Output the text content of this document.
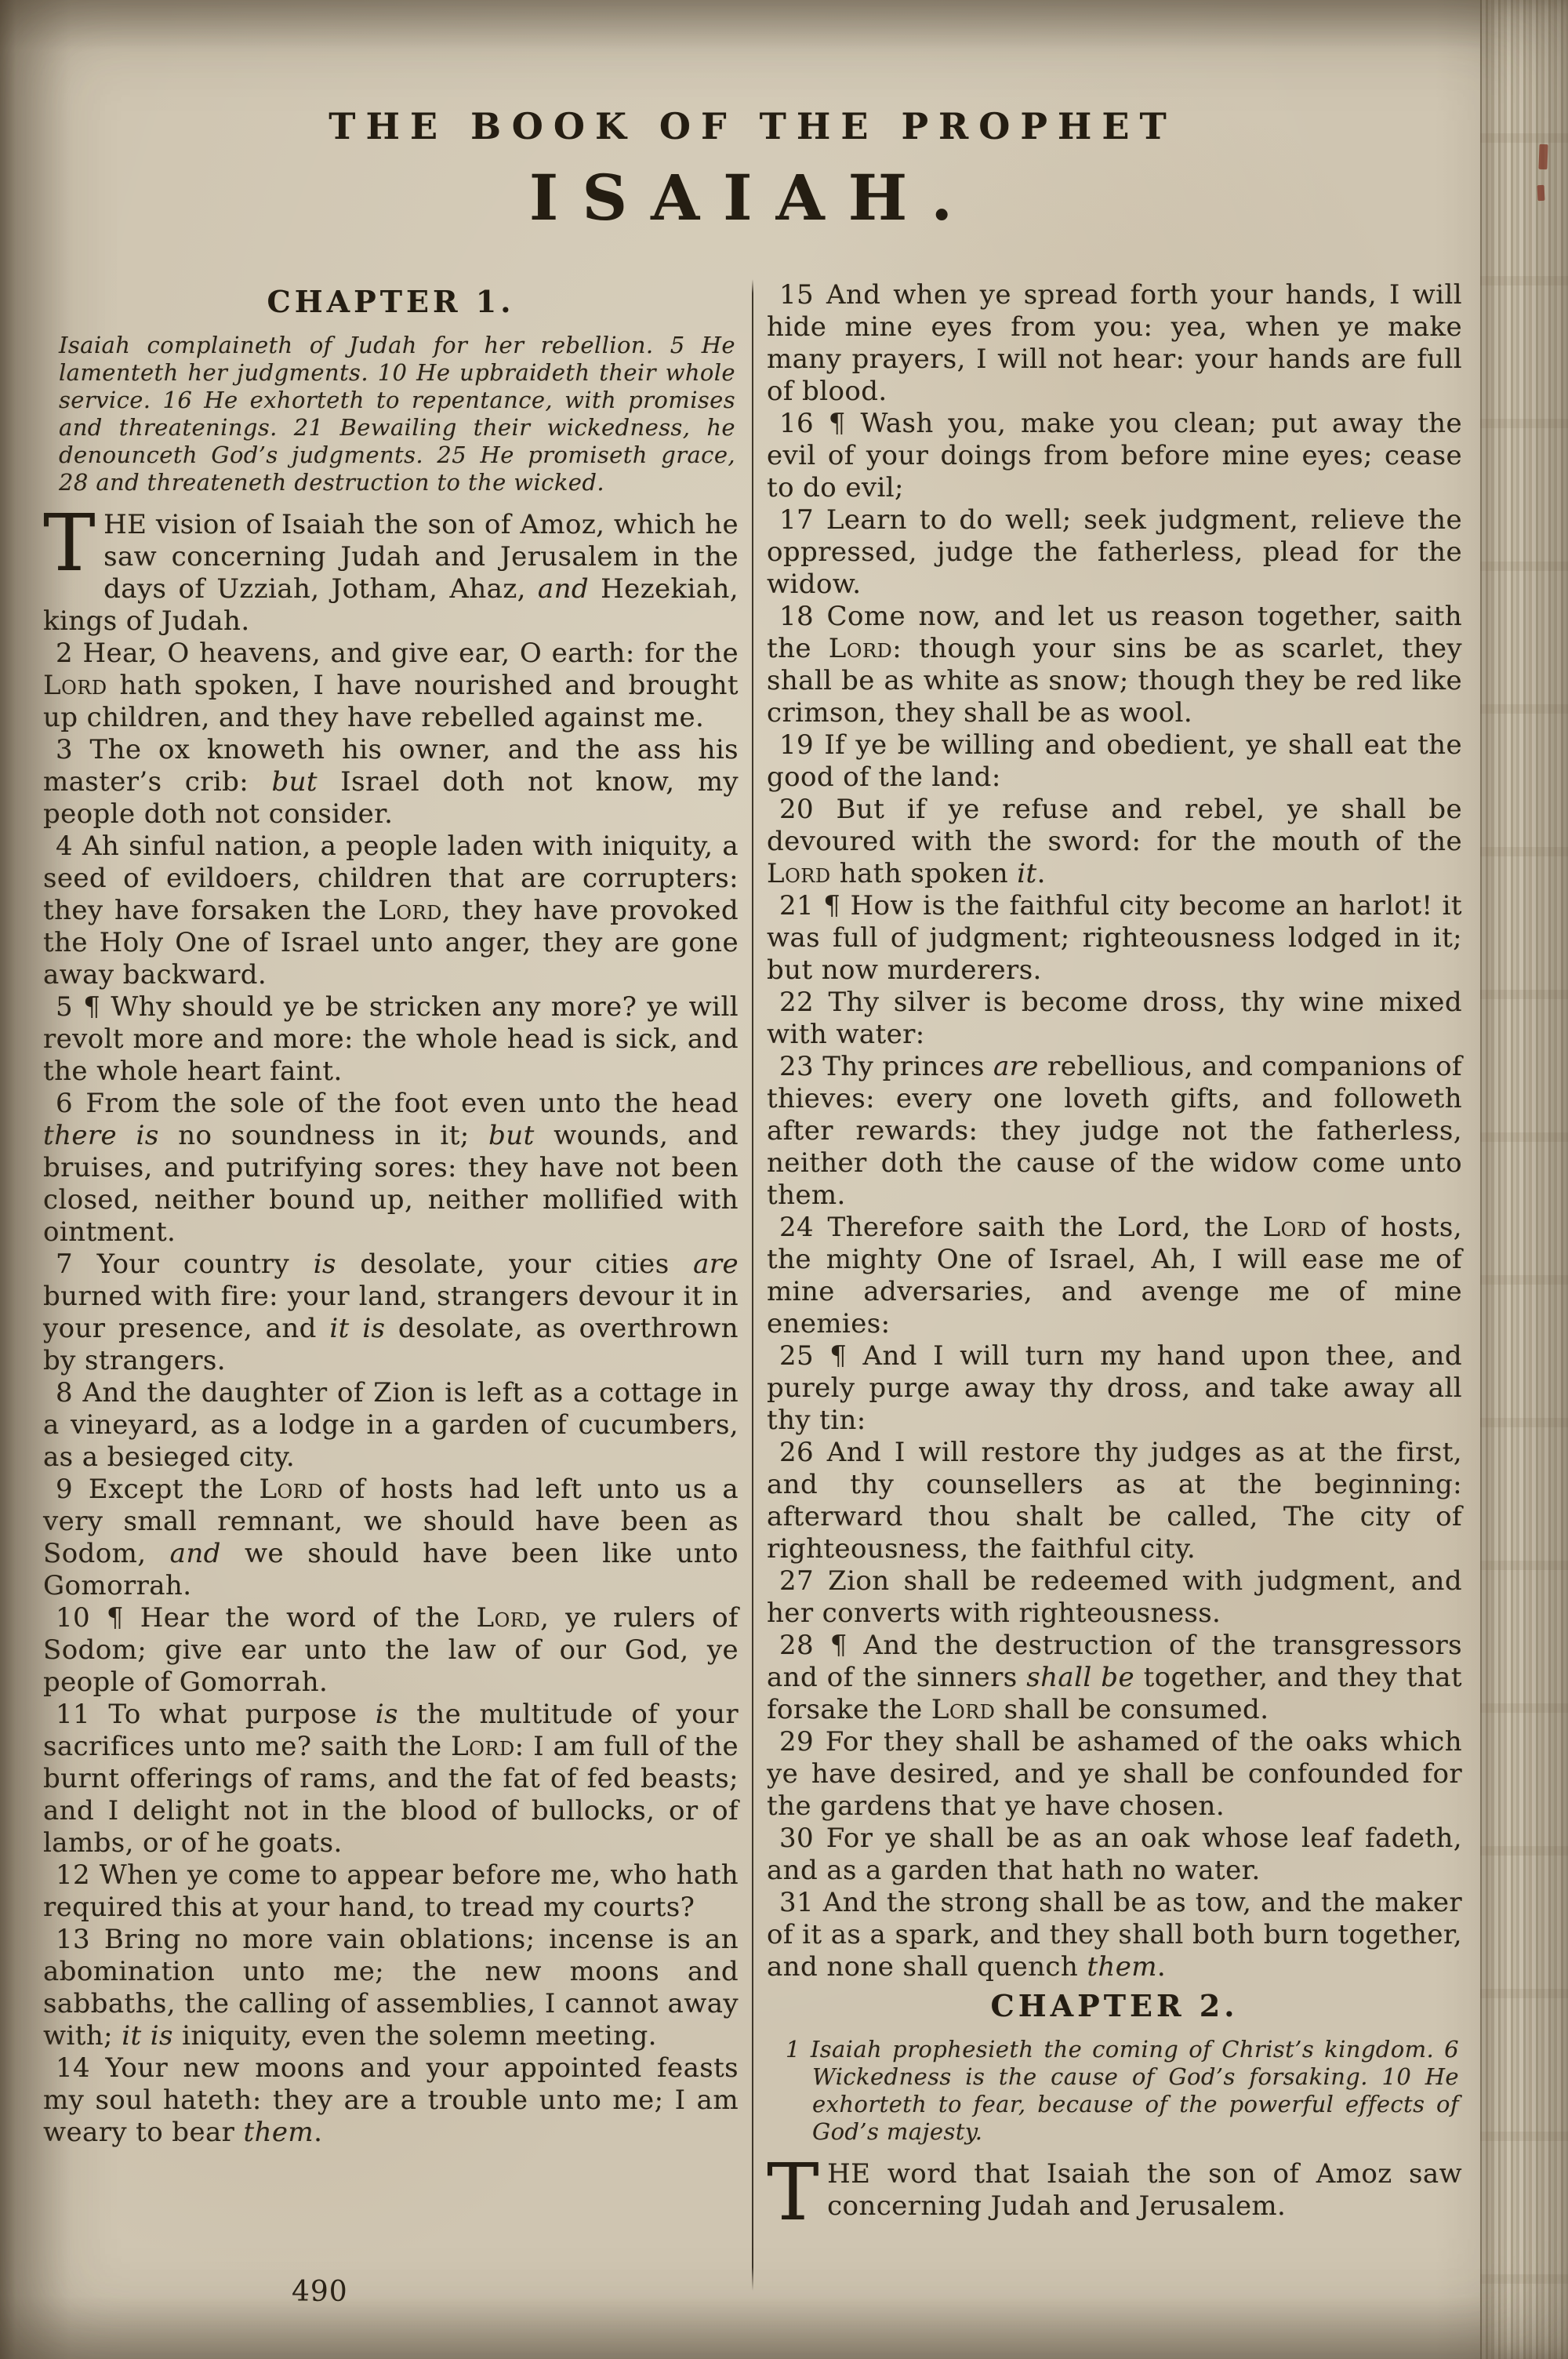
THE BOOK OF THE PROPHET
ISAIAH.
CHAPTER 1.

Isaiah complaineth of Judah for her rebellion. 5 He lamenteth her judgments. 10 He upbraideth their whole service. 16 He exhorteth to repentance, with promises and threatenings. 21 Bewailing their wickedness, he denounceth God’s judgments. 25 He promiseth grace, 28 and threateneth destruction to the wicked.

THE vision of Isaiah the son of Amoz, which he saw concerning Judah and Jerusalem in the days of Uzziah, Jotham, Ahaz, and Hezekiah, kings of Judah.

2 Hear, O heavens, and give ear, O earth: for the Lord hath spoken, I have nourished and brought up children, and they have rebelled against me.

3 The ox knoweth his owner, and the ass his master’s crib: but Israel doth not know, my people doth not consider.

4 Ah sinful nation, a people laden with iniquity, a seed of evildoers, children that are corrupters: they have forsaken the Lord, they have provoked the Holy One of Israel unto anger, they are gone away backward.

5 ¶ Why should ye be stricken any more? ye will revolt more and more: the whole head is sick, and the whole heart faint.

6 From the sole of the foot even unto the head there is no soundness in it; but wounds, and bruises, and putrifying sores: they have not been closed, neither bound up, neither mollified with ointment.

7 Your country is desolate, your cities are burned with fire: your land, strangers devour it in your presence, and it is desolate, as overthrown by strangers.

8 And the daughter of Zion is left as a cottage in a vineyard, as a lodge in a garden of cucumbers, as a besieged city.

9 Except the Lord of hosts had left unto us a very small remnant, we should have been as Sodom, and we should have been like unto Gomorrah.

10 ¶ Hear the word of the Lord, ye rulers of Sodom; give ear unto the law of our God, ye people of Gomorrah.

11 To what purpose is the multitude of your sacrifices unto me? saith the Lord: I am full of the burnt offerings of rams, and the fat of fed beasts; and I delight not in the blood of bullocks, or of lambs, or of he goats.

12 When ye come to appear before me, who hath required this at your hand, to tread my courts?

13 Bring no more vain oblations; incense is an abomination unto me; the new moons and sabbaths, the calling of assemblies, I cannot away with; it is iniquity, even the solemn meeting.

14 Your new moons and your appointed feasts my soul hateth: they are a trouble unto me; I am weary to bear them.

15 And when ye spread forth your hands, I will hide mine eyes from you: yea, when ye make many prayers, I will not hear: your hands are full of blood.

16 ¶ Wash you, make you clean; put away the evil of your doings from before mine eyes; cease to do evil;

17 Learn to do well; seek judgment, relieve the oppressed, judge the fatherless, plead for the widow.

18 Come now, and let us reason together, saith the Lord: though your sins be as scarlet, they shall be as white as snow; though they be red like crimson, they shall be as wool.

19 If ye be willing and obedient, ye shall eat the good of the land:

20 But if ye refuse and rebel, ye shall be devoured with the sword: for the mouth of the Lord hath spoken it.

21 ¶ How is the faithful city become an harlot! it was full of judgment; righteousness lodged in it; but now murderers.

22 Thy silver is become dross, thy wine mixed with water:

23 Thy princes are rebellious, and companions of thieves: every one loveth gifts, and followeth after rewards: they judge not the fatherless, neither doth the cause of the widow come unto them.

24 Therefore saith the Lord, the Lord of hosts, the mighty One of Israel, Ah, I will ease me of mine adversaries, and avenge me of mine enemies:

25 ¶ And I will turn my hand upon thee, and purely purge away thy dross, and take away all thy tin:

26 And I will restore thy judges as at the first, and thy counsellers as at the beginning: afterward thou shalt be called, The city of righteousness, the faithful city.

27 Zion shall be redeemed with judgment, and her converts with righteousness.

28 ¶ And the destruction of the transgressors and of the sinners shall be together, and they that forsake the Lord shall be consumed.

29 For they shall be ashamed of the oaks which ye have desired, and ye shall be confounded for the gardens that ye have chosen.

30 For ye shall be as an oak whose leaf fadeth, and as a garden that hath no water.

31 And the strong shall be as tow, and the maker of it as a spark, and they shall both burn together, and none shall quench them.

CHAPTER 2.

1 Isaiah prophesieth the coming of Christ’s kingdom. 6 Wickedness is the cause of God’s forsaking. 10 He exhorteth to fear, because of the powerful effects of God’s majesty.

THE word that Isaiah the son of Amoz saw concerning Judah and Jerusalem.

490
